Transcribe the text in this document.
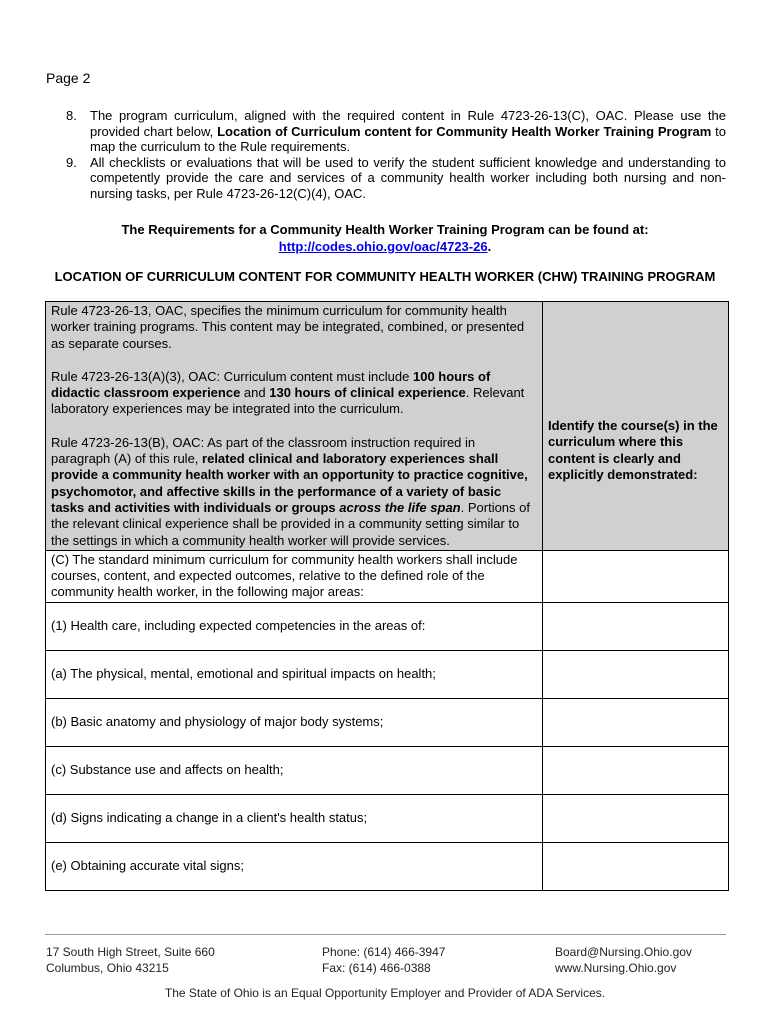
Page 2
8. The program curriculum, aligned with the required content in Rule 4723-26-13(C), OAC. Please use the provided chart below, Location of Curriculum content for Community Health Worker Training Program to map the curriculum to the Rule requirements.
9. All checklists or evaluations that will be used to verify the student sufficient knowledge and understanding to competently provide the care and services of a community health worker including both nursing and non-nursing tasks, per Rule 4723-26-12(C)(4), OAC.
The Requirements for a Community Health Worker Training Program can be found at:
http://codes.ohio.gov/oac/4723-26.
LOCATION OF CURRICULUM CONTENT FOR COMMUNITY HEALTH WORKER (CHW) TRAINING PROGRAM

Rule 4723-26-13, OAC, specifies the minimum curriculum for community health worker training programs. This content may be integrated, combined, or presented as separate courses.

Rule 4723-26-13(A)(3), OAC: Curriculum content must include 100 hours of didactic classroom experience and 130 hours of clinical experience. Relevant laboratory experiences may be integrated into the curriculum.

Rule 4723-26-13(B), OAC: As part of the classroom instruction required in paragraph (A) of this rule, related clinical and laboratory experiences shall provide a community health worker with an opportunity to practice cognitive, psychomotor, and affective skills in the performance of a variety of basic tasks and activities with individuals or groups across the life span. Portions of the relevant clinical experience shall be provided in a community setting similar to the settings in which a community health worker will provide services.	Identify the course(s) in the curriculum where this content is clearly and explicitly demonstrated:

(C) The standard minimum curriculum for community health workers shall include courses, content, and expected outcomes, relative to the defined role of the community health worker, in the following major areas:	
(1) Health care, including expected competencies in the areas of:	
(a) The physical, mental, emotional and spiritual impacts on health;	
(b) Basic anatomy and physiology of major body systems;	
(c) Substance use and affects on health;	
(d) Signs indicating a change in a client's health status;	
(e) Obtaining accurate vital signs;	
17 South High Street, Suite 660
Columbus, Ohio 43215
Phone: (614) 466-3947
Fax: (614) 466-0388
Board@Nursing.Ohio.gov
www.Nursing.Ohio.gov
The State of Ohio is an Equal Opportunity Employer and Provider of ADA Services.
